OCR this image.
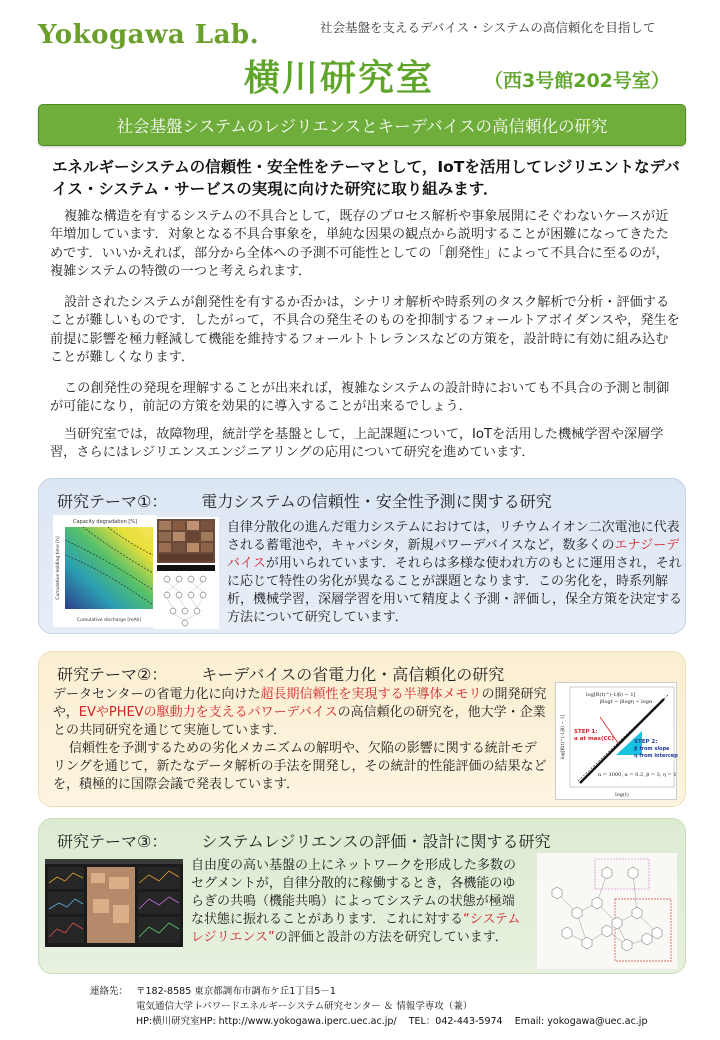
Yokogawa Lab.	社会基盤を支えるデバイス・システムの高信頼化を目指して
横川研究室	（西3号館202号室）
社会基盤システムのレジリエンスとキーデバイスの高信頼化の研究
エネルギーシステムの信頼性・安全性をテーマとして，IoTを活用してレジリエントなデバイス・システム・サービスの実現に向けた研究に取り組みます．
複雑な構造を有するシステムの不具合として，既存のプロセス解析や事象展開にそぐわないケースが近年増加しています．対象となる不具合事象を，単純な因果の観点から説明することが困難になってきたためです．いいかえれば，部分から全体への予測不可能性としての「創発性」によって不具合に至るのが，複雑システムの特徴の一つと考えられます．
設計されたシステムが創発性を有するか否かは，シナリオ解析や時系列のタスク解析で分析・評価することが難しいものです．したがって，不具合の発生そのものを抑制するフォールトアボイダンスや，発生を前提に影響を極力軽減して機能を維持するフォールトトレランスなどの方策を，設計時に有効に組み込むことが難しくなります．
この創発性の発現を理解することが出来れば，複雑なシステムの設計時においても不具合の予測と制御が可能になり，前記の方策を効果的に導入することが出来るでしょう．
当研究室では，故障物理，統計学を基盤として，上記課題について，IoTを活用した機械学習や深層学習，さらにはレジリエンスエンジニアリングの応用について研究を進めています．
研究テーマ①： 電力システムの信頼性・安全性予測に関する研究
Capacity degradation [%]
Cumulative discharge [mAh]
Cumulative holding time [h]
自律分散化の進んだ電力システムにおけては，リチウムイオン二次電池に代表される蓄電池や，キャパシタ，新規パワーデバイスなど，数多くのエナジーデバイスが用いられています．それらは多様な使われ方のもとに運用され，それに応じて特性の劣化が異なることが課題となります．この劣化を，時系列解析，機械学習，深層学習を用いて精度よく予測・評価し，保全方策を決定する方法について研究しています．
研究テーマ②： キーデバイスの省電力化・高信頼化の研究
データセンターの省電力化に向けた超長期信頼性を実現する半導体メモリの開発研究や，EVやPHEVの駆動力を支えるパワーデバイスの高信頼化の研究を，他大学・企業との共同研究を通じて実施しています．
信頼性を予測するための劣化メカニズムの解明や、欠陥の影響に関する統計モデリングを通じて，新たなデータ解析の手法を開発し，その統計的性能評価の結果などを，積極的に国際会議で発表しています．
log[R(t)^(-1/β) − 1]
βlogt − βlogη − logα
STEP 1:
α at max(CC)	STEP 2:
β from slope
η from intercept
n = 1000, α = 0.2, β = 3, η = 1
log(t)
log[R(t)^(-1/β) − 1]
研究テーマ③： システムレジリエンスの評価・設計に関する研究
自由度の高い基盤の上にネットワークを形成した多数のセグメントが，自律分散的に稼働するとき，各機能のゆらぎの共鳴（機能共鳴）によってシステムの状態が極端な状態に振れることがあります．これに対する“システムレジリエンス”の評価と設計の方法を研究しています．
連絡先： 〒182-8585 東京都調布市調布ケ丘1丁目5－1
電気通信大学 i-パワードエネルギーシステム研究センター ＆ 情報学専攻（兼）
HP:横川研究室HP: http://www.yokogawa.iperc.uec.ac.jp/ TEL：042-443-5974 Email: yokogawa@uec.ac.jp
